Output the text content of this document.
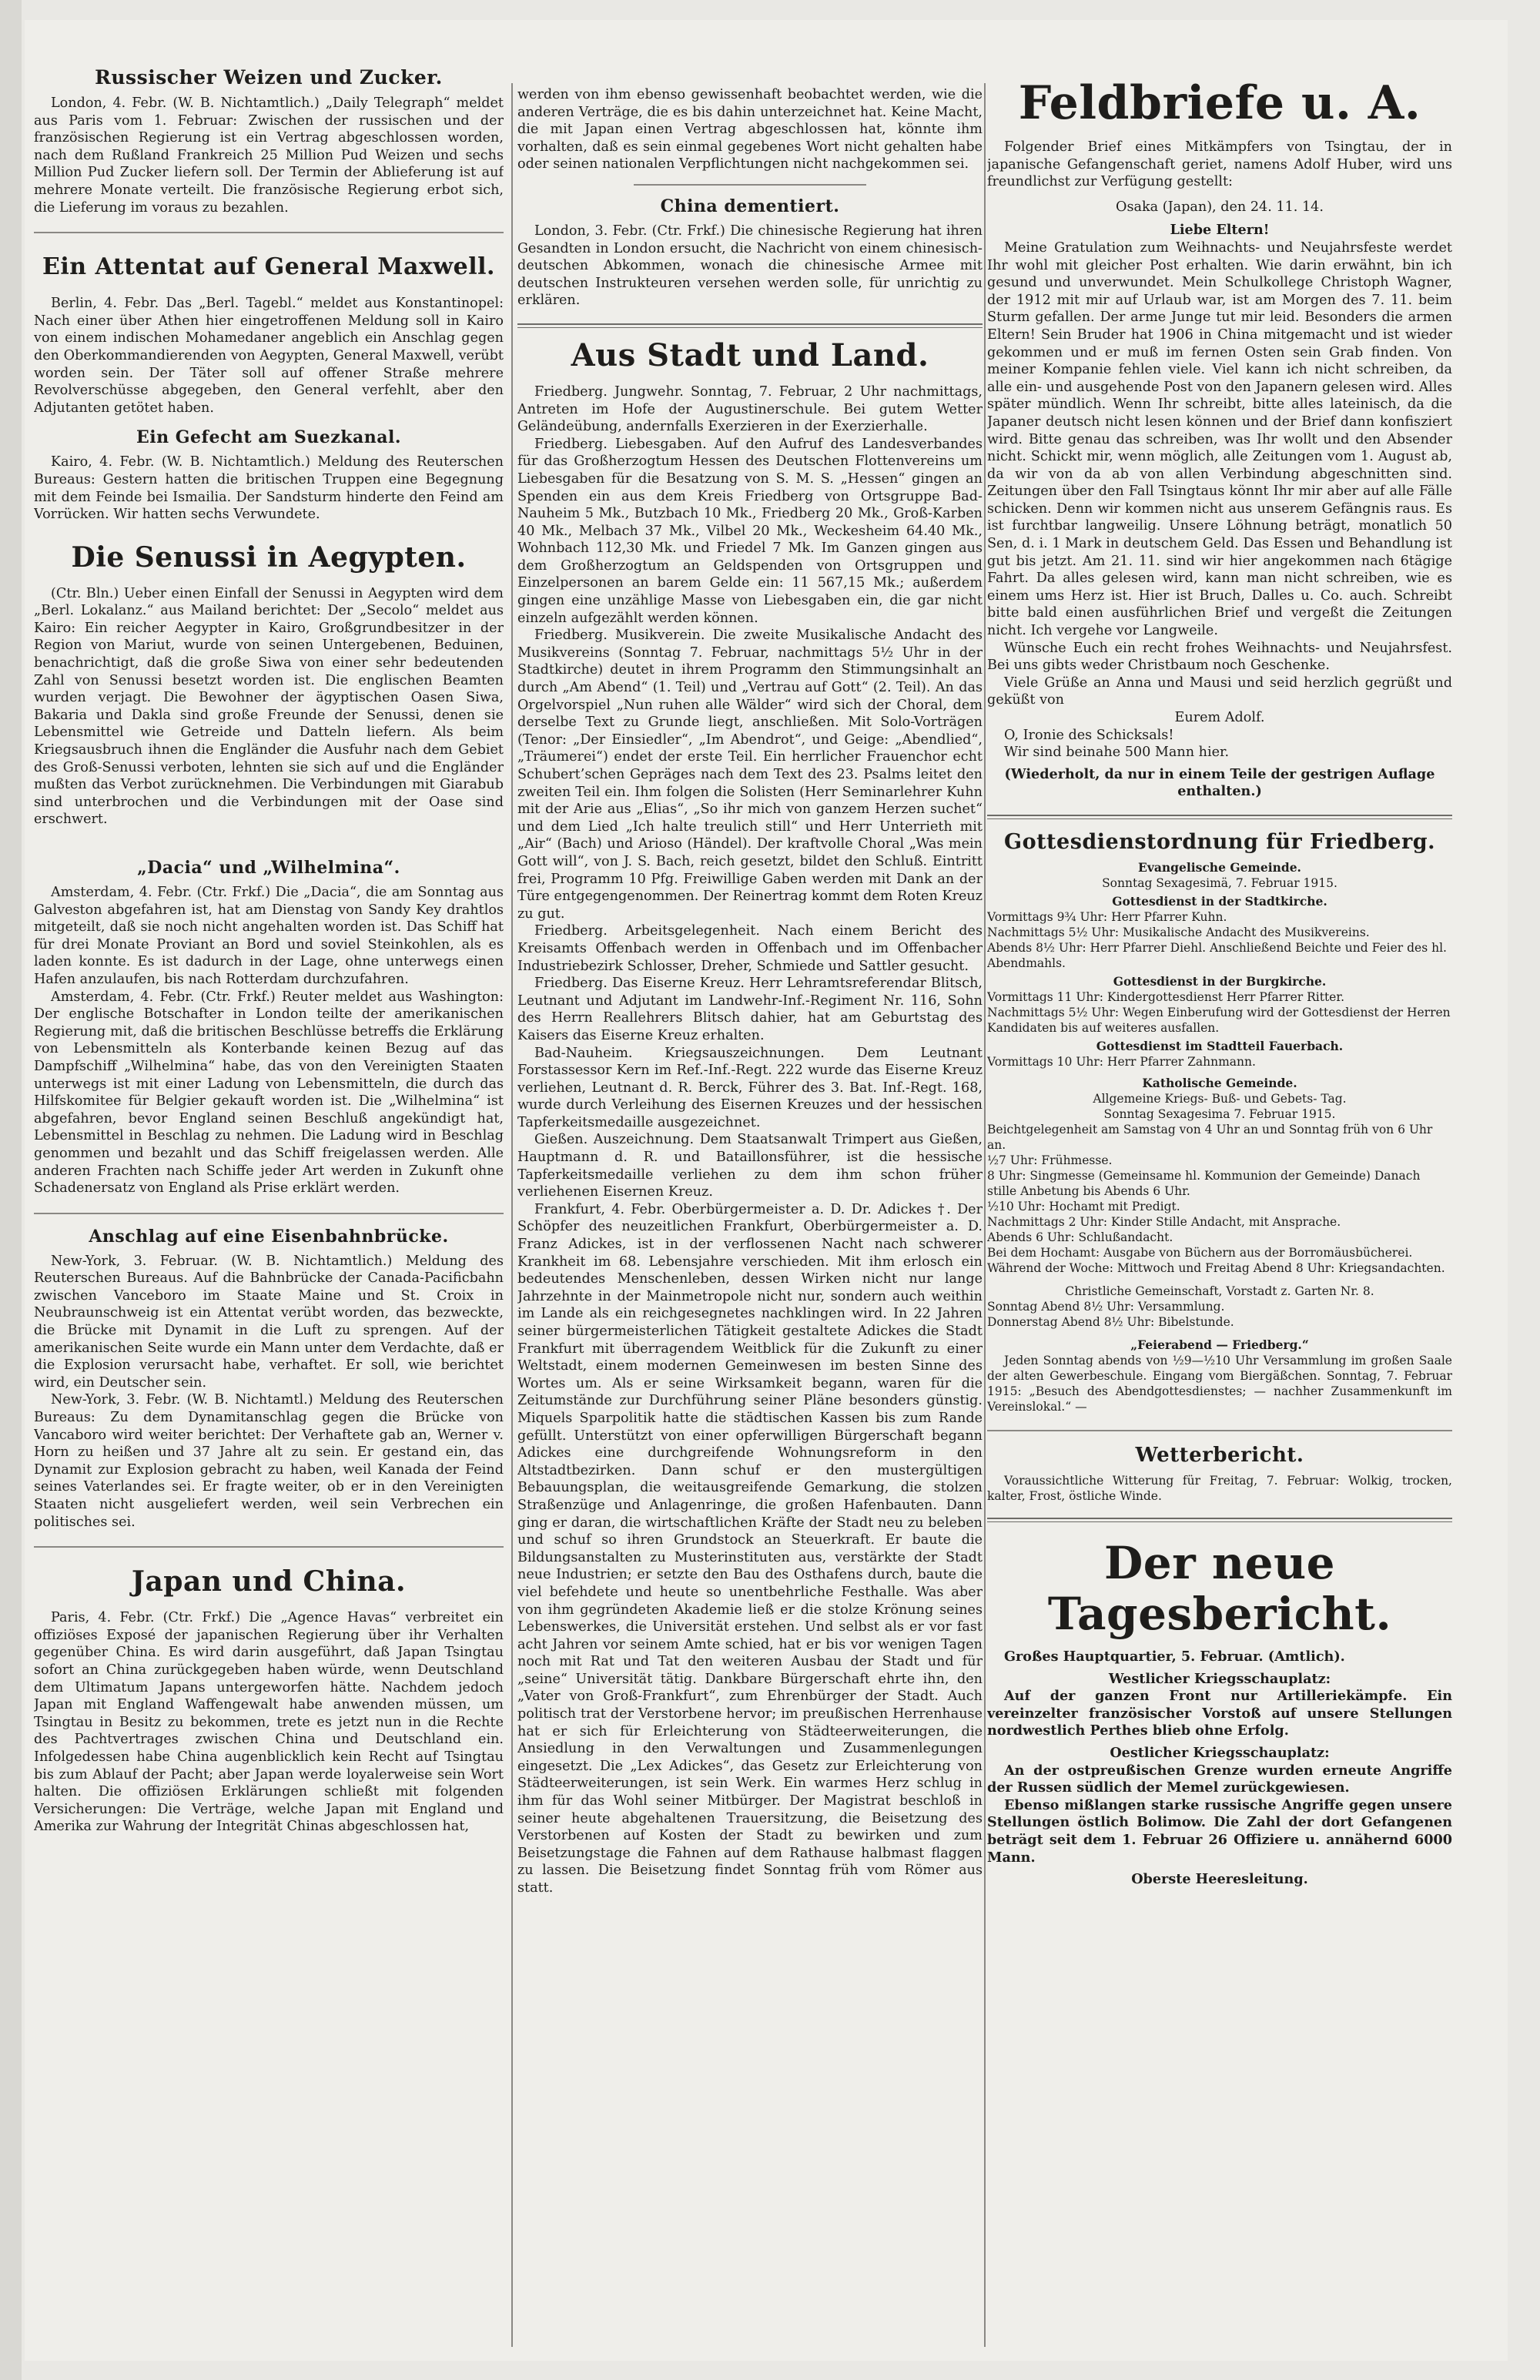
Russischer Weizen und Zucker.

London, 4. Febr. (W. B. Nichtamtlich.) „Daily Telegraph“ meldet aus Paris vom 1. Februar: Zwischen der russischen und der französischen Regierung ist ein Vertrag abgeschlossen worden, nach dem Rußland Frankreich 25 Million Pud Weizen und sechs Million Pud Zucker liefern soll. Der Termin der Ablieferung ist auf mehrere Monate verteilt. Die französische Regierung erbot sich, die Lieferung im voraus zu bezahlen.

Ein Attentat auf General Maxwell.

Berlin, 4. Febr. Das „Berl. Tagebl.“ meldet aus Konstantinopel: Nach einer über Athen hier eingetroffenen Meldung soll in Kairo von einem indischen Mohamedaner angeblich ein Anschlag gegen den Oberkommandierenden von Aegypten, General Maxwell, verübt worden sein. Der Täter soll auf offener Straße mehrere Revolverschüsse abgegeben, den General verfehlt, aber den Adjutanten getötet haben.

Ein Gefecht am Suezkanal.

Kairo, 4. Febr. (W. B. Nichtamtlich.) Meldung des Reuterschen Bureaus: Gestern hatten die britischen Truppen eine Begegnung mit dem Feinde bei Ismailia. Der Sandsturm hinderte den Feind am Vorrücken. Wir hatten sechs Verwundete.

Die Senussi in Aegypten.

(Ctr. Bln.) Ueber einen Einfall der Senussi in Aegypten wird dem „Berl. Lokalanz.“ aus Mailand berichtet: Der „Secolo“ meldet aus Kairo: Ein reicher Aegypter in Kairo, Großgrundbesitzer in der Region von Mariut, wurde von seinen Untergebenen, Beduinen, benachrichtigt, daß die große Siwa von einer sehr bedeutenden Zahl von Senussi besetzt worden ist. Die englischen Beamten wurden verjagt. Die Bewohner der ägyptischen Oasen Siwa, Bakaria und Dakla sind große Freunde der Senussi, denen sie Lebensmittel wie Getreide und Datteln liefern. Als beim Kriegsausbruch ihnen die Engländer die Ausfuhr nach dem Gebiet des Groß-Senussi verboten, lehnten sie sich auf und die Engländer mußten das Verbot zurücknehmen. Die Verbindungen mit Giarabub sind unterbrochen und die Verbindungen mit der Oase sind erschwert.

„Dacia“ und „Wilhelmina“.

Amsterdam, 4. Febr. (Ctr. Frkf.) Die „Dacia“, die am Sonntag aus Galveston abgefahren ist, hat am Dienstag von Sandy Key drahtlos mitgeteilt, daß sie noch nicht angehalten worden ist. Das Schiff hat für drei Monate Proviant an Bord und soviel Steinkohlen, als es laden konnte. Es ist dadurch in der Lage, ohne unterwegs einen Hafen anzulaufen, bis nach Rotterdam durchzufahren.

Amsterdam, 4. Febr. (Ctr. Frkf.) Reuter meldet aus Washington: Der englische Botschafter in London teilte der amerikanischen Regierung mit, daß die britischen Beschlüsse betreffs die Erklärung von Lebensmitteln als Konterbande keinen Bezug auf das Dampfschiff „Wilhelmina“ habe, das von den Vereinigten Staaten unterwegs ist mit einer Ladung von Lebensmitteln, die durch das Hilfskomitee für Belgier gekauft worden ist. Die „Wilhelmina“ ist abgefahren, bevor England seinen Beschluß angekündigt hat, Lebensmittel in Beschlag zu nehmen. Die Ladung wird in Beschlag genommen und bezahlt und das Schiff freigelassen werden. Alle anderen Frachten nach Schiffe jeder Art werden in Zukunft ohne Schadenersatz von England als Prise erklärt werden.

Anschlag auf eine Eisenbahnbrücke.

New-York, 3. Februar. (W. B. Nichtamtlich.) Meldung des Reuterschen Bureaus. Auf die Bahnbrücke der Canada-Pacificbahn zwischen Vanceboro im Staate Maine und St. Croix in Neubraunschweig ist ein Attentat verübt worden, das bezweckte, die Brücke mit Dynamit in die Luft zu sprengen. Auf der amerikanischen Seite wurde ein Mann unter dem Verdachte, daß er die Explosion verursacht habe, verhaftet. Er soll, wie berichtet wird, ein Deutscher sein.

New-York, 3. Febr. (W. B. Nichtamtl.) Meldung des Reuterschen Bureaus: Zu dem Dynamitanschlag gegen die Brücke von Vancaboro wird weiter berichtet: Der Verhaftete gab an, Werner v. Horn zu heißen und 37 Jahre alt zu sein. Er gestand ein, das Dynamit zur Explosion gebracht zu haben, weil Kanada der Feind seines Vaterlandes sei. Er fragte weiter, ob er in den Vereinigten Staaten nicht ausgeliefert werden, weil sein Verbrechen ein politisches sei.

Japan und China.

Paris, 4. Febr. (Ctr. Frkf.) Die „Agence Havas“ verbreitet ein offiziöses Exposé der japanischen Regierung über ihr Verhalten gegenüber China. Es wird darin ausgeführt, daß Japan Tsingtau sofort an China zurückgegeben haben würde, wenn Deutschland dem Ultimatum Japans untergeworfen hätte. Nachdem jedoch Japan mit England Waffengewalt habe anwenden müssen, um Tsingtau in Besitz zu bekommen, trete es jetzt nun in die Rechte des Pachtvertrages zwischen China und Deutschland ein. Infolgedessen habe China augenblicklich kein Recht auf Tsingtau bis zum Ablauf der Pacht; aber Japan werde loyalerweise sein Wort halten. Die offiziösen Erklärungen schließt mit folgenden Versicherungen: Die Verträge, welche Japan mit England und Amerika zur Wahrung der Integrität Chinas abgeschlossen hat,

werden von ihm ebenso gewissenhaft beobachtet werden, wie die anderen Verträge, die es bis dahin unterzeichnet hat. Keine Macht, die mit Japan einen Vertrag abgeschlossen hat, könnte ihm vorhalten, daß es sein einmal gegebenes Wort nicht gehalten habe oder seinen nationalen Verpflichtungen nicht nachgekommen sei.

China dementiert.

London, 3. Febr. (Ctr. Frkf.) Die chinesische Regierung hat ihren Gesandten in London ersucht, die Nachricht von einem chinesisch-deutschen Abkommen, wonach die chinesische Armee mit deutschen Instrukteuren versehen werden solle, für unrichtig zu erklären.

Aus Stadt und Land.

Friedberg. Jungwehr. Sonntag, 7. Februar, 2 Uhr nachmittags, Antreten im Hofe der Augustinerschule. Bei gutem Wetter Geländeübung, andernfalls Exerzieren in der Exerzierhalle.

Friedberg. Liebesgaben. Auf den Aufruf des Landesverbandes für das Großherzogtum Hessen des Deutschen Flottenvereins um Liebesgaben für die Besatzung von S. M. S. „Hessen“ gingen an Spenden ein aus dem Kreis Friedberg von Ortsgruppe Bad-Nauheim 5 Mk., Butzbach 10 Mk., Friedberg 20 Mk., Groß-Karben 40 Mk., Melbach 37 Mk., Vilbel 20 Mk., Weckesheim 64.40 Mk., Wohnbach 112,30 Mk. und Friedel 7 Mk. Im Ganzen gingen aus dem Großherzogtum an Geldspenden von Ortsgruppen und Einzelpersonen an barem Gelde ein: 11 567,15 Mk.; außerdem gingen eine unzählige Masse von Liebesgaben ein, die gar nicht einzeln aufgezählt werden können.

Friedberg. Musikverein. Die zweite Musikalische Andacht des Musikvereins (Sonntag 7. Februar, nachmittags 5½ Uhr in der Stadtkirche) deutet in ihrem Programm den Stimmungsinhalt an durch „Am Abend“ (1. Teil) und „Vertrau auf Gott“ (2. Teil). An das Orgelvorspiel „Nun ruhen alle Wälder“ wird sich der Choral, dem derselbe Text zu Grunde liegt, anschließen. Mit Solo-Vorträgen (Tenor: „Der Einsiedler“, „Im Abendrot“, und Geige: „Abendlied“, „Träumerei“) endet der erste Teil. Ein herrlicher Frauenchor echt Schubert’schen Gepräges nach dem Text des 23. Psalms leitet den zweiten Teil ein. Ihm folgen die Solisten (Herr Seminarlehrer Kuhn mit der Arie aus „Elias“, „So ihr mich von ganzem Herzen suchet“ und dem Lied „Ich halte treulich still“ und Herr Unterrieth mit „Air“ (Bach) und Arioso (Händel). Der kraftvolle Choral „Was mein Gott will“, von J. S. Bach, reich gesetzt, bildet den Schluß. Eintritt frei, Programm 10 Pfg. Freiwillige Gaben werden mit Dank an der Türe entgegengenommen. Der Reinertrag kommt dem Roten Kreuz zu gut.

Friedberg. Arbeitsgelegenheit. Nach einem Bericht des Kreisamts Offenbach werden in Offenbach und im Offenbacher Industriebezirk Schlosser, Dreher, Schmiede und Sattler gesucht.

Friedberg. Das Eiserne Kreuz. Herr Lehramtsreferendar Blitsch, Leutnant und Adjutant im Landwehr-Inf.-Regiment Nr. 116, Sohn des Herrn Reallehrers Blitsch dahier, hat am Geburtstag des Kaisers das Eiserne Kreuz erhalten.

Bad-Nauheim. Kriegsauszeichnungen. Dem Leutnant Forstassessor Kern im Ref.-Inf.-Regt. 222 wurde das Eiserne Kreuz verliehen, Leutnant d. R. Berck, Führer des 3. Bat. Inf.-Regt. 168, wurde durch Verleihung des Eisernen Kreuzes und der hessischen Tapferkeitsmedaille ausgezeichnet.

Gießen. Auszeichnung. Dem Staatsanwalt Trimpert aus Gießen, Hauptmann d. R. und Bataillonsführer, ist die hessische Tapferkeitsmedaille verliehen zu dem ihm schon früher verliehenen Eisernen Kreuz.

Frankfurt, 4. Febr. Oberbürgermeister a. D. Dr. Adickes †. Der Schöpfer des neuzeitlichen Frankfurt, Oberbürgermeister a. D. Franz Adickes, ist in der verflossenen Nacht nach schwerer Krankheit im 68. Lebensjahre verschieden. Mit ihm erlosch ein bedeutendes Menschenleben, dessen Wirken nicht nur lange Jahrzehnte in der Mainmetropole nicht nur, sondern auch weithin im Lande als ein reichgesegnetes nachklingen wird. In 22 Jahren seiner bürgermeisterlichen Tätigkeit gestaltete Adickes die Stadt Frankfurt mit überragendem Weitblick für die Zukunft zu einer Weltstadt, einem modernen Gemeinwesen im besten Sinne des Wortes um. Als er seine Wirksamkeit begann, waren für die Zeitumstände zur Durchführung seiner Pläne besonders günstig. Miquels Sparpolitik hatte die städtischen Kassen bis zum Rande gefüllt. Unterstützt von einer opferwilligen Bürgerschaft begann Adickes eine durchgreifende Wohnungsreform in den Altstadtbezirken. Dann schuf er den mustergültigen Bebauungsplan, die weitausgreifende Gemarkung, die stolzen Straßenzüge und Anlagenringe, die großen Hafenbauten. Dann ging er daran, die wirtschaftlichen Kräfte der Stadt neu zu beleben und schuf so ihren Grundstock an Steuerkraft. Er baute die Bildungsanstalten zu Musterinstituten aus, verstärkte der Stadt neue Industrien; er setzte den Bau des Osthafens durch, baute die viel befehdete und heute so unentbehrliche Festhalle. Was aber von ihm gegründeten Akademie ließ er die stolze Krönung seines Lebenswerkes, die Universität erstehen. Und selbst als er vor fast acht Jahren vor seinem Amte schied, hat er bis vor wenigen Tagen noch mit Rat und Tat den weiteren Ausbau der Stadt und für „seine“ Universität tätig. Dankbare Bürgerschaft ehrte ihn, den „Vater von Groß-Frankfurt“, zum Ehrenbürger der Stadt. Auch politisch trat der Verstorbene hervor; im preußischen Herrenhause hat er sich für Erleichterung von Städteerweiterungen, die Ansiedlung in den Verwaltungen und Zusammenlegungen eingesetzt. Die „Lex Adickes“, das Gesetz zur Erleichterung von Städteerweiterungen, ist sein Werk. Ein warmes Herz schlug in ihm für das Wohl seiner Mitbürger. Der Magistrat beschloß in seiner heute abgehaltenen Trauersitzung, die Beisetzung des Verstorbenen auf Kosten der Stadt zu bewirken und zum Beisetzungstage die Fahnen auf dem Rathause halbmast flaggen zu lassen. Die Beisetzung findet Sonntag früh vom Römer aus statt.

Feldbriefe u. A.

Folgender Brief eines Mitkämpfers von Tsingtau, der in japanische Gefangenschaft geriet, namens Adolf Huber, wird uns freundlichst zur Verfügung gestellt:

Osaka (Japan), den 24. 11. 14.
Liebe Eltern!

Meine Gratulation zum Weihnachts- und Neujahrsfeste werdet Ihr wohl mit gleicher Post erhalten. Wie darin erwähnt, bin ich gesund und unverwundet. Mein Schulkollege Christoph Wagner, der 1912 mit mir auf Urlaub war, ist am Morgen des 7. 11. beim Sturm gefallen. Der arme Junge tut mir leid. Besonders die armen Eltern! Sein Bruder hat 1906 in China mitgemacht und ist wieder gekommen und er muß im fernen Osten sein Grab finden. Von meiner Kompanie fehlen viele. Viel kann ich nicht schreiben, da alle ein- und ausgehende Post von den Japanern gelesen wird. Alles später mündlich. Wenn Ihr schreibt, bitte alles lateinisch, da die Japaner deutsch nicht lesen können und der Brief dann konfisziert wird. Bitte genau das schreiben, was Ihr wollt und den Absender nicht. Schickt mir, wenn möglich, alle Zeitungen vom 1. August ab, da wir von da ab von allen Verbindung abgeschnitten sind. Zeitungen über den Fall Tsingtaus könnt Ihr mir aber auf alle Fälle schicken. Denn wir kommen nicht aus unserem Gefängnis raus. Es ist furchtbar langweilig. Unsere Löhnung beträgt, monatlich 50 Sen, d. i. 1 Mark in deutschem Geld. Das Essen und Behandlung ist gut bis jetzt. Am 21. 11. sind wir hier angekommen nach 6tägige Fahrt. Da alles gelesen wird, kann man nicht schreiben, wie es einem ums Herz ist. Hier ist Bruch, Dalles u. Co. auch. Schreibt bitte bald einen ausführlichen Brief und vergeßt die Zeitungen nicht. Ich vergehe vor Langweile.

Wünsche Euch ein recht frohes Weihnachts- und Neujahrsfest. Bei uns gibts weder Christbaum noch Geschenke.

Viele Grüße an Anna und Mausi und seid herzlich gegrüßt und geküßt von

Eurem Adolf.

O, Ironie des Schicksals!

Wir sind beinahe 500 Mann hier.

(Wiederholt, da nur in einem Teile der gestrigen Auflage enthalten.)
Gottesdienstordnung für Friedberg.
Evangelische Gemeinde.
Sonntag Sexagesimä, 7. Februar 1915.
Gottesdienst in der Stadtkirche.
Vormittags 9¾ Uhr: Herr Pfarrer Kuhn.
Nachmittags 5½ Uhr: Musikalische Andacht des Musikvereins.
Abends 8½ Uhr: Herr Pfarrer Diehl. Anschließend Beichte und Feier des hl. Abendmahls.
Gottesdienst in der Burgkirche.
Vormittags 11 Uhr: Kindergottesdienst Herr Pfarrer Ritter.
Nachmittags 5½ Uhr: Wegen Einberufung wird der Gottesdienst der Herren Kandidaten bis auf weiteres ausfallen.
Gottesdienst im Stadtteil Fauerbach.
Vormittags 10 Uhr: Herr Pfarrer Zahnmann.
Katholische Gemeinde.
Allgemeine Kriegs- Buß- und Gebets- Tag.
Sonntag Sexagesima 7. Februar 1915.
Beichtgelegenheit am Samstag von 4 Uhr an und Sonntag früh von 6 Uhr an.
½7 Uhr: Frühmesse.
8 Uhr: Singmesse (Gemeinsame hl. Kommunion der Gemeinde) Danach stille Anbetung bis Abends 6 Uhr.
½10 Uhr: Hochamt mit Predigt.
Nachmittags 2 Uhr: Kinder Stille Andacht, mit Ansprache.
Abends 6 Uhr: Schlußandacht.
Bei dem Hochamt: Ausgabe von Büchern aus der Borromäusbücherei.
Während der Woche: Mittwoch und Freitag Abend 8 Uhr: Kriegsandachten.
Christliche Gemeinschaft, Vorstadt z. Garten Nr. 8.
Sonntag Abend 8½ Uhr: Versammlung.
Donnerstag Abend 8½ Uhr: Bibelstunde.
„Feierabend — Friedberg.“

Jeden Sonntag abends von ½9—½10 Uhr Versammlung im großen Saale der alten Gewerbeschule. Eingang vom Biergäßchen. Sonntag, 7. Februar 1915: „Besuch des Abendgottesdienstes; — nachher Zusammenkunft im Vereinslokal.“ —

Wetterbericht.

Voraussichtliche Witterung für Freitag, 7. Februar: Wolkig, trocken, kalter, Frost, östliche Winde.

Der neue Tagesbericht.

Großes Hauptquartier, 5. Februar. (Amtlich).

Westlicher Kriegsschauplatz:

Auf der ganzen Front nur Artilleriekämpfe. Ein vereinzelter französischer Vorstoß auf unsere Stellungen nordwestlich Perthes blieb ohne Erfolg.

Oestlicher Kriegsschauplatz:

An der ostpreußischen Grenze wurden erneute Angriffe der Russen südlich der Memel zurückgewiesen.

Ebenso mißlangen starke russische Angriffe gegen unsere Stellungen östlich Bolimow. Die Zahl der dort Gefangenen beträgt seit dem 1. Februar 26 Offiziere u. annähernd 6000 Mann.

Oberste Heeresleitung.
